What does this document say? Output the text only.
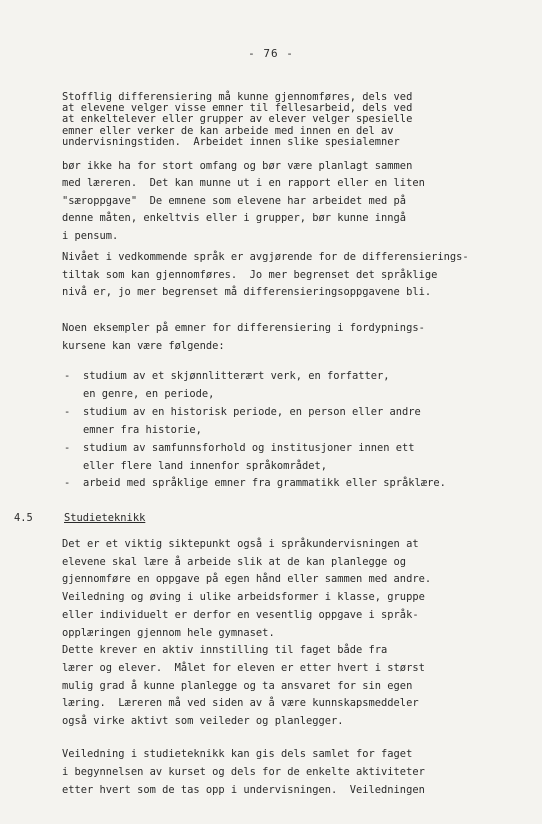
- 76 -
Stofflig differensiering må kunne gjennomføres, dels ved
at elevene velger visse emner til fellesarbeid, dels ved
at enkeltelever eller grupper av elever velger spesielle
emner eller verker de kan arbeide med innen en del av
undervisningstiden.  Arbeidet innen slike spesialemner
bør ikke ha for stort omfang og bør være planlagt sammen
med læreren.  Det kan munne ut i en rapport eller en liten
"særoppgave"  De emnene som elevene har arbeidet med på
denne måten, enkeltvis eller i grupper, bør kunne inngå
i pensum.
Nivået i vedkommende språk er avgjørende for de differensierings-
tiltak som kan gjennomføres.  Jo mer begrenset det språklige
nivå er, jo mer begrenset må differensieringsoppgavene bli.
Noen eksempler på emner for differensiering i fordypnings-
kursene kan være følgende:
- studium av et skjønnlitterært verk, en forfatter,
en genre, en periode,
- studium av en historisk periode, en person eller andre
emner fra historie,
- studium av samfunnsforhold og institusjoner innen ett
eller flere land innenfor språkområdet,
- arbeid med språklige emner fra grammatikk eller språklære.
4.5	Studieteknikk
Det er et viktig siktepunkt også i språkundervisningen at
elevene skal lære å arbeide slik at de kan planlegge og
gjennomføre en oppgave på egen hånd eller sammen med andre.
Veiledning og øving i ulike arbeidsformer i klasse, gruppe
eller individuelt er derfor en vesentlig oppgave i språk-
opplæringen gjennom hele gymnaset.
Dette krever en aktiv innstilling til faget både fra
lærer og elever.  Målet for eleven er etter hvert i størst
mulig grad å kunne planlegge og ta ansvaret for sin egen
læring.  Læreren må ved siden av å være kunnskapsmeddeler
også virke aktivt som veileder og planlegger.
Veiledning i studieteknikk kan gis dels samlet for faget
i begynnelsen av kurset og dels for de enkelte aktiviteter
etter hvert som de tas opp i undervisningen.  Veiledningen
